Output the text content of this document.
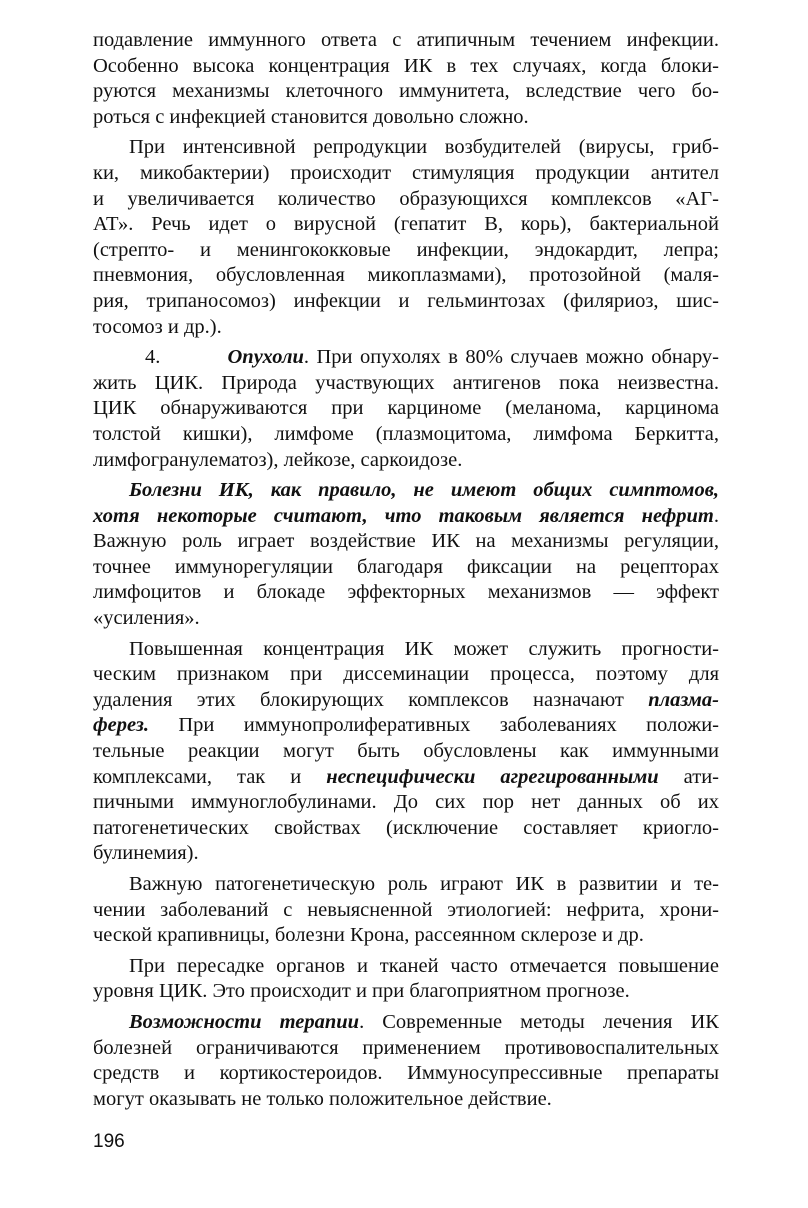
подавление иммунного ответа с атипичным течением инфекции.
Особенно высока концентрация ИК в тех случаях, когда блоки-
руются механизмы клеточного иммунитета, вследствие чего бо-
роться с инфекцией становится довольно сложно.
При интенсивной репродукции возбудителей (вирусы, гриб-
ки, микобактерии) происходит стимуляция продукции антител
и увеличивается количество образующихся комплексов «АГ-
АТ». Речь идет о вирусной (гепатит В, корь), бактериальной
(стрепто- и менингококковые инфекции, эндокардит, лепра;
пневмония, обусловленная микоплазмами), протозойной (маля-
рия, трипаносомоз) инфекции и гельминтозах (филяриоз, шис-
тосомоз и др.).
4.         Опухоли. При опухолях в 80% случаев можно обнару-
жить ЦИК. Природа участвующих антигенов пока неизвестна.
ЦИК обнаруживаются при карциноме (меланома, карцинома
толстой кишки), лимфоме (плазмоцитома, лимфома Беркитта,
лимфогранулематоз), лейкозе, саркоидозе.
Болезни ИК, как правило, не имеют общих симптомов,
хотя некоторые считают, что таковым является нефрит.
Важную роль играет воздействие ИК на механизмы регуляции,
точнее иммунорегуляции благодаря фиксации на рецепторах
лимфоцитов и блокаде эффекторных механизмов — эффект
«усиления».
Повышенная концентрация ИК может служить прогности-
ческим признаком при диссеминации процесса, поэтому для
удаления этих блокирующих комплексов назначают плазма-
ферез. При иммунопролиферативных заболеваниях положи-
тельные реакции могут быть обусловлены как иммунными
комплексами, так и неспецифически агрегированными ати-
пичными иммуноглобулинами. До сих пор нет данных об их
патогенетических свойствах (исключение составляет криогло-
булинемия).
Важную патогенетическую роль играют ИК в развитии и те-
чении заболеваний с невыясненной этиологией: нефрита, хрони-
ческой крапивницы, болезни Крона, рассеянном склерозе и др.
При пересадке органов и тканей часто отмечается повышение
уровня ЦИК. Это происходит и при благоприятном прогнозе.
Возможности терапии. Современные методы лечения ИК
болезней ограничиваются применением противовоспалительных
средств и кортикостероидов. Иммуносупрессивные препараты
могут оказывать не только положительное действие.
196
